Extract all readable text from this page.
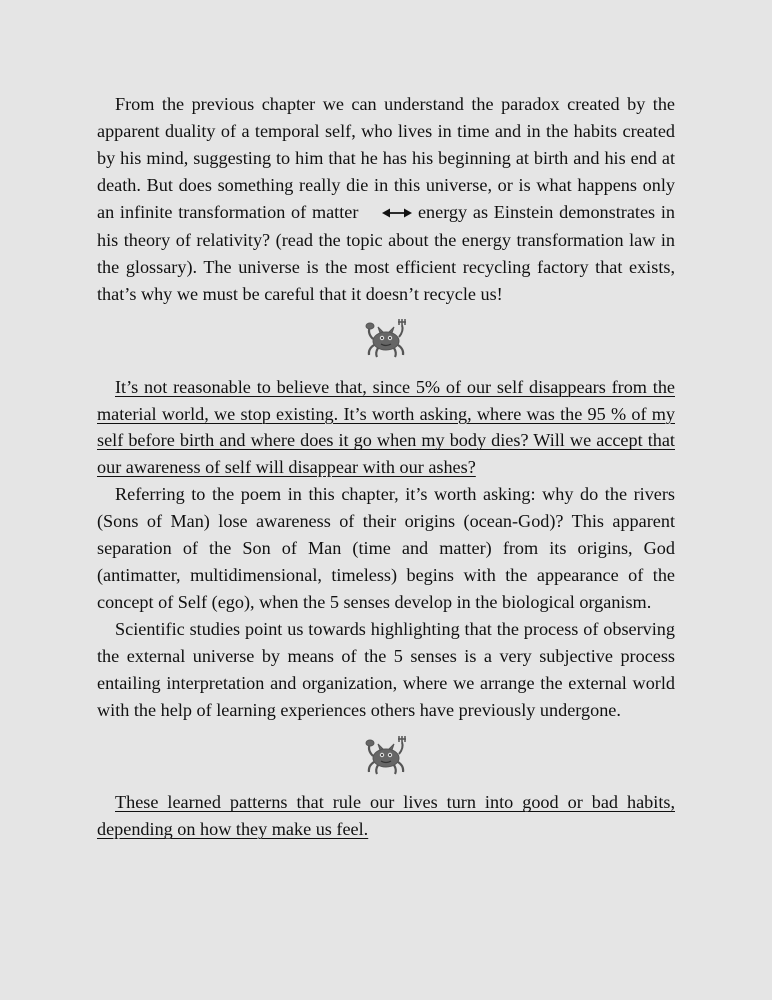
From the previous chapter we can understand the paradox created by the apparent duality of a temporal self, who lives in time and in the habits created by his mind, suggesting to him that he has his beginning at birth and his end at death. But does something really die in this universe, or is what happens only an infinite transformation of matter	energy as Einstein demonstrates in his theory of relativity? (read the topic about the energy transformation law in the glossary). The universe is the most efficient recycling factory that exists, that’s why we must be careful that it doesn’t recycle us!

It’s not reasonable to believe that, since 5% of our self disappears from the material world, we stop existing. It’s worth asking, where was the 95 % of my self before birth and where does it go when my body dies? Will we accept that our awareness of self will disappear with our ashes?

Referring to the poem in this chapter, it’s worth asking: why do the rivers (Sons of Man) lose awareness of their origins (ocean-God)? This apparent separation of the Son of Man (time and matter) from its origins, God (antimatter, multidimensional, timeless) begins with the appearance of the concept of Self (ego), when the 5 senses develop in the biological organism.

Scientific studies point us towards highlighting that the process of observing the external universe by means of the 5 senses is a very subjective process entailing interpretation and organization, where we arrange the external world with the help of learning experiences others have previously undergone.

These learned patterns that rule our lives turn into good or bad habits, depending on how they make us feel.
